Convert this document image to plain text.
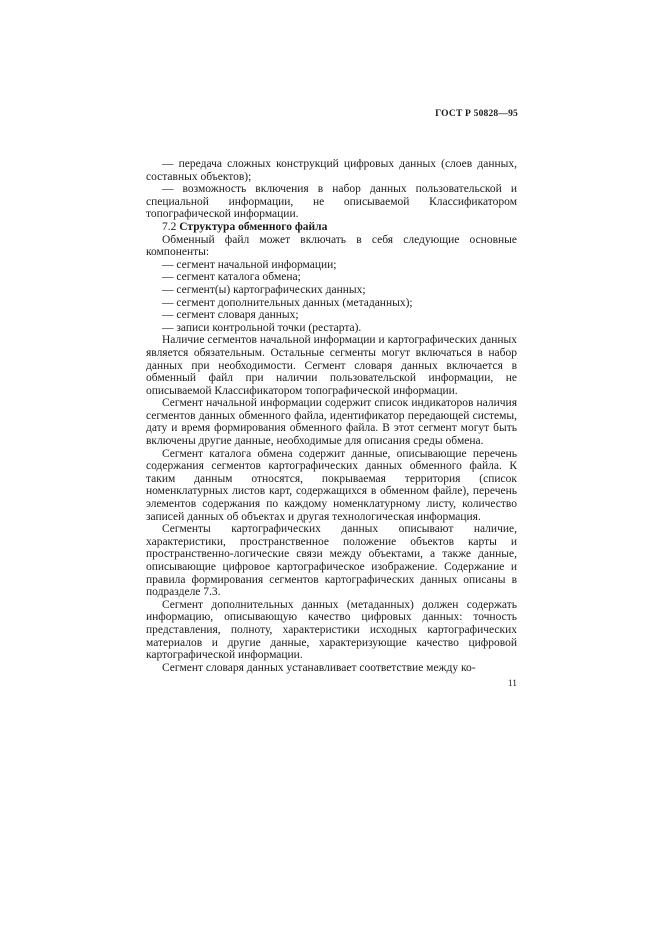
ГОСТ Р 50828—95

— передача сложных конструкций цифровых данных (слоев данных, составных объектов);

— возможность включения в набор данных пользовательской и специальной информации, не описываемой Классификатором топографической информации.

7.2 Структура обменного файла

Обменный файл может включать в себя следующие основные компоненты:

— сегмент начальной информации;

— сегмент каталога обмена;

— сегмент(ы) картографических данных;

— сегмент дополнительных данных (метаданных);

— сегмент словаря данных;

— записи контрольной точки (рестарта).

Наличие сегментов начальной информации и картографических данных является обязательным. Остальные сегменты могут включаться в набор данных при необходимости. Сегмент словаря данных включается в обменный файл при наличии пользовательской информации, не описываемой Классификатором топографической информации.

Сегмент начальной информации содержит список индикаторов наличия сегментов данных обменного файла, идентификатор передающей системы, дату и время формирования обменного файла. В этот сегмент могут быть включены другие данные, необходимые для описания среды обмена.

Сегмент каталога обмена содержит данные, описывающие перечень содержания сегментов картографических данных обменного файла. К таким данным относятся, покрываемая территория (список номенклатурных листов карт, содержащихся в обменном файле), перечень элементов содержания по каждому номенклатурному листу, количество записей данных об объектах и другая технологическая информация.

Сегменты картографических данных описывают наличие, характеристики, пространственное положение объектов карты и пространственно-логические связи между объектами, а также данные, описывающие цифровое картографическое изображение. Содержание и правила формирования сегментов картографических данных описаны в подразделе 7.3.

Сегмент дополнительных данных (метаданных) должен содержать информацию, описывающую качество цифровых данных: точность представления, полноту, характеристики исходных картографических материалов и другие данные, характеризующие качество цифровой картографической информации.

Сегмент словаря данных устанавливает соответствие между ко-

11
